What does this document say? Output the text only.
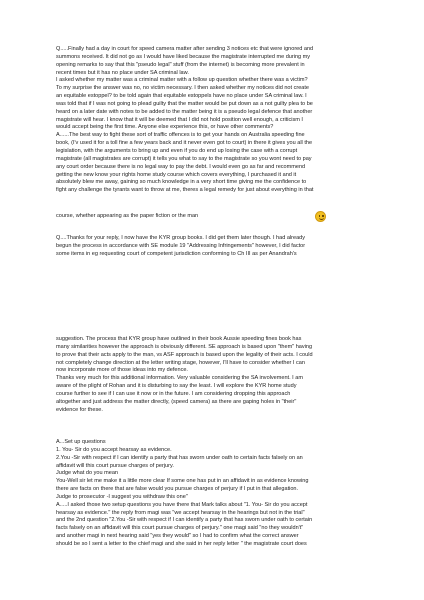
Q.....Finally had a day in court for speed camera matter after sending 3 notices etc that were ignored and
summons received. It did not go as I would have liked because the magistrate interrupted me during my
opening remarks to say that this "pseudo legal" stuff (from the internet) is becoming more prevalent in
recent times but it has no place under SA criminal law.
I asked whether my matter was a criminal matter with a follow up question whether there was a victim?
To my surprise the answer was no, no victim necessary. I then asked whether my notices did not create
an equitable estoppel? to be told again that equitable estoppels have no place under SA criminal law. I
was told that if I was not going to plead guilty that the matter would be put down as a not guilty plea to be
heard on a later date with notes to be added to the matter being it is a pseudo legal defence that another
magistrate will hear. I know that it will be deemed that I did not hold position well enough, a criticism I
would accept being the first time. Anyone else experience this, or have other comments?
A......The best way to fight these sort of traffic offences is to get your hands on Australia speeding fine
book, (I'v used it for a toll fine a few years back and it never even got to court) in there it gives you all the
legislation, with the arguments to bring up and even if you do end up losing the case with a corrupt
magistrate (all magistrates are corrupt) it tells you what to say to the magistrate so you wont need to pay
any court order because there is no legal way to pay the debt. I would even go as far and recommend
getting the new know your rights home study course which covers everything, I purchased it and it
absolutely blew me away, gaining so much knowledge in a very short time giving me the confidence to
fight any challenge the tyrants want to throw at me, theres a legal remedy for just about everything in that

course, whether appearing as the paper fiction or the man

Q....Thanks for your reply, I now have the KYR group books. I did get them later though. I had already
begun the process in accordance with SE module 19 "Addressing Infringements" however, I did factor
some items in eg requesting court of competent jurisdiction conforming to Ch III as per Anandrah's

suggestion. The process that KYR group have outlined in their book Aussie speeding fines book has
many similarities however the approach is obviously different. SE approach is based upon "them" having
to prove that their acts apply to the man, vs ASF approach is based upon the legality of their acts. I could
not completely change direction at the letter writing stage, however, I'll have to consider whether I can
now incorporate more of those ideas into my defence.
Thanks very much for this additional information. Very valuable considering the SA involvement. I am
aware of the plight of Rohan and it is disturbing to say the least. I will explore the KYR home study
course further to see if I can use it now or in the future. I am considering dropping this approach
altogether and just address the matter directly, (speed camera) as there are gaping holes in "their"
evidence for these.

A...Set up questions
1. You- Sir do you accept hearsay as evidence.
2.You -Sir with respect if I can identify a party that has sworn under oath to certain facts falsely on an
affidavit will this court pursue charges of perjury.
Judge what do you mean
You-Well sir let me make it a little more clear If some one has put in an affidavit in as evidence knowing
there are facts on there that are false would you pursue charges of perjury if I put in that allegation.
Judge to prosecutor -I suggest you withdraw this one"
A.....I asked those two setup questions you have there that Mark talks about "1. You- Sir do you accept
hearsay as evidence." the reply from magi was "we accept hearsay in the hearings but not in the trial"
and the 2nd question "2.You -Sir with respect if I can identify a party that has sworn under oath to certain
facts falsely on an affidavit will this court pursue charges of perjury." one magi said "no they wouldn't"
and another magi in next hearing said "yes they would" so I had to confirm what the correct answer
should be so I sent a letter to the chief magi and she said in her reply letter " the magistrate court does
